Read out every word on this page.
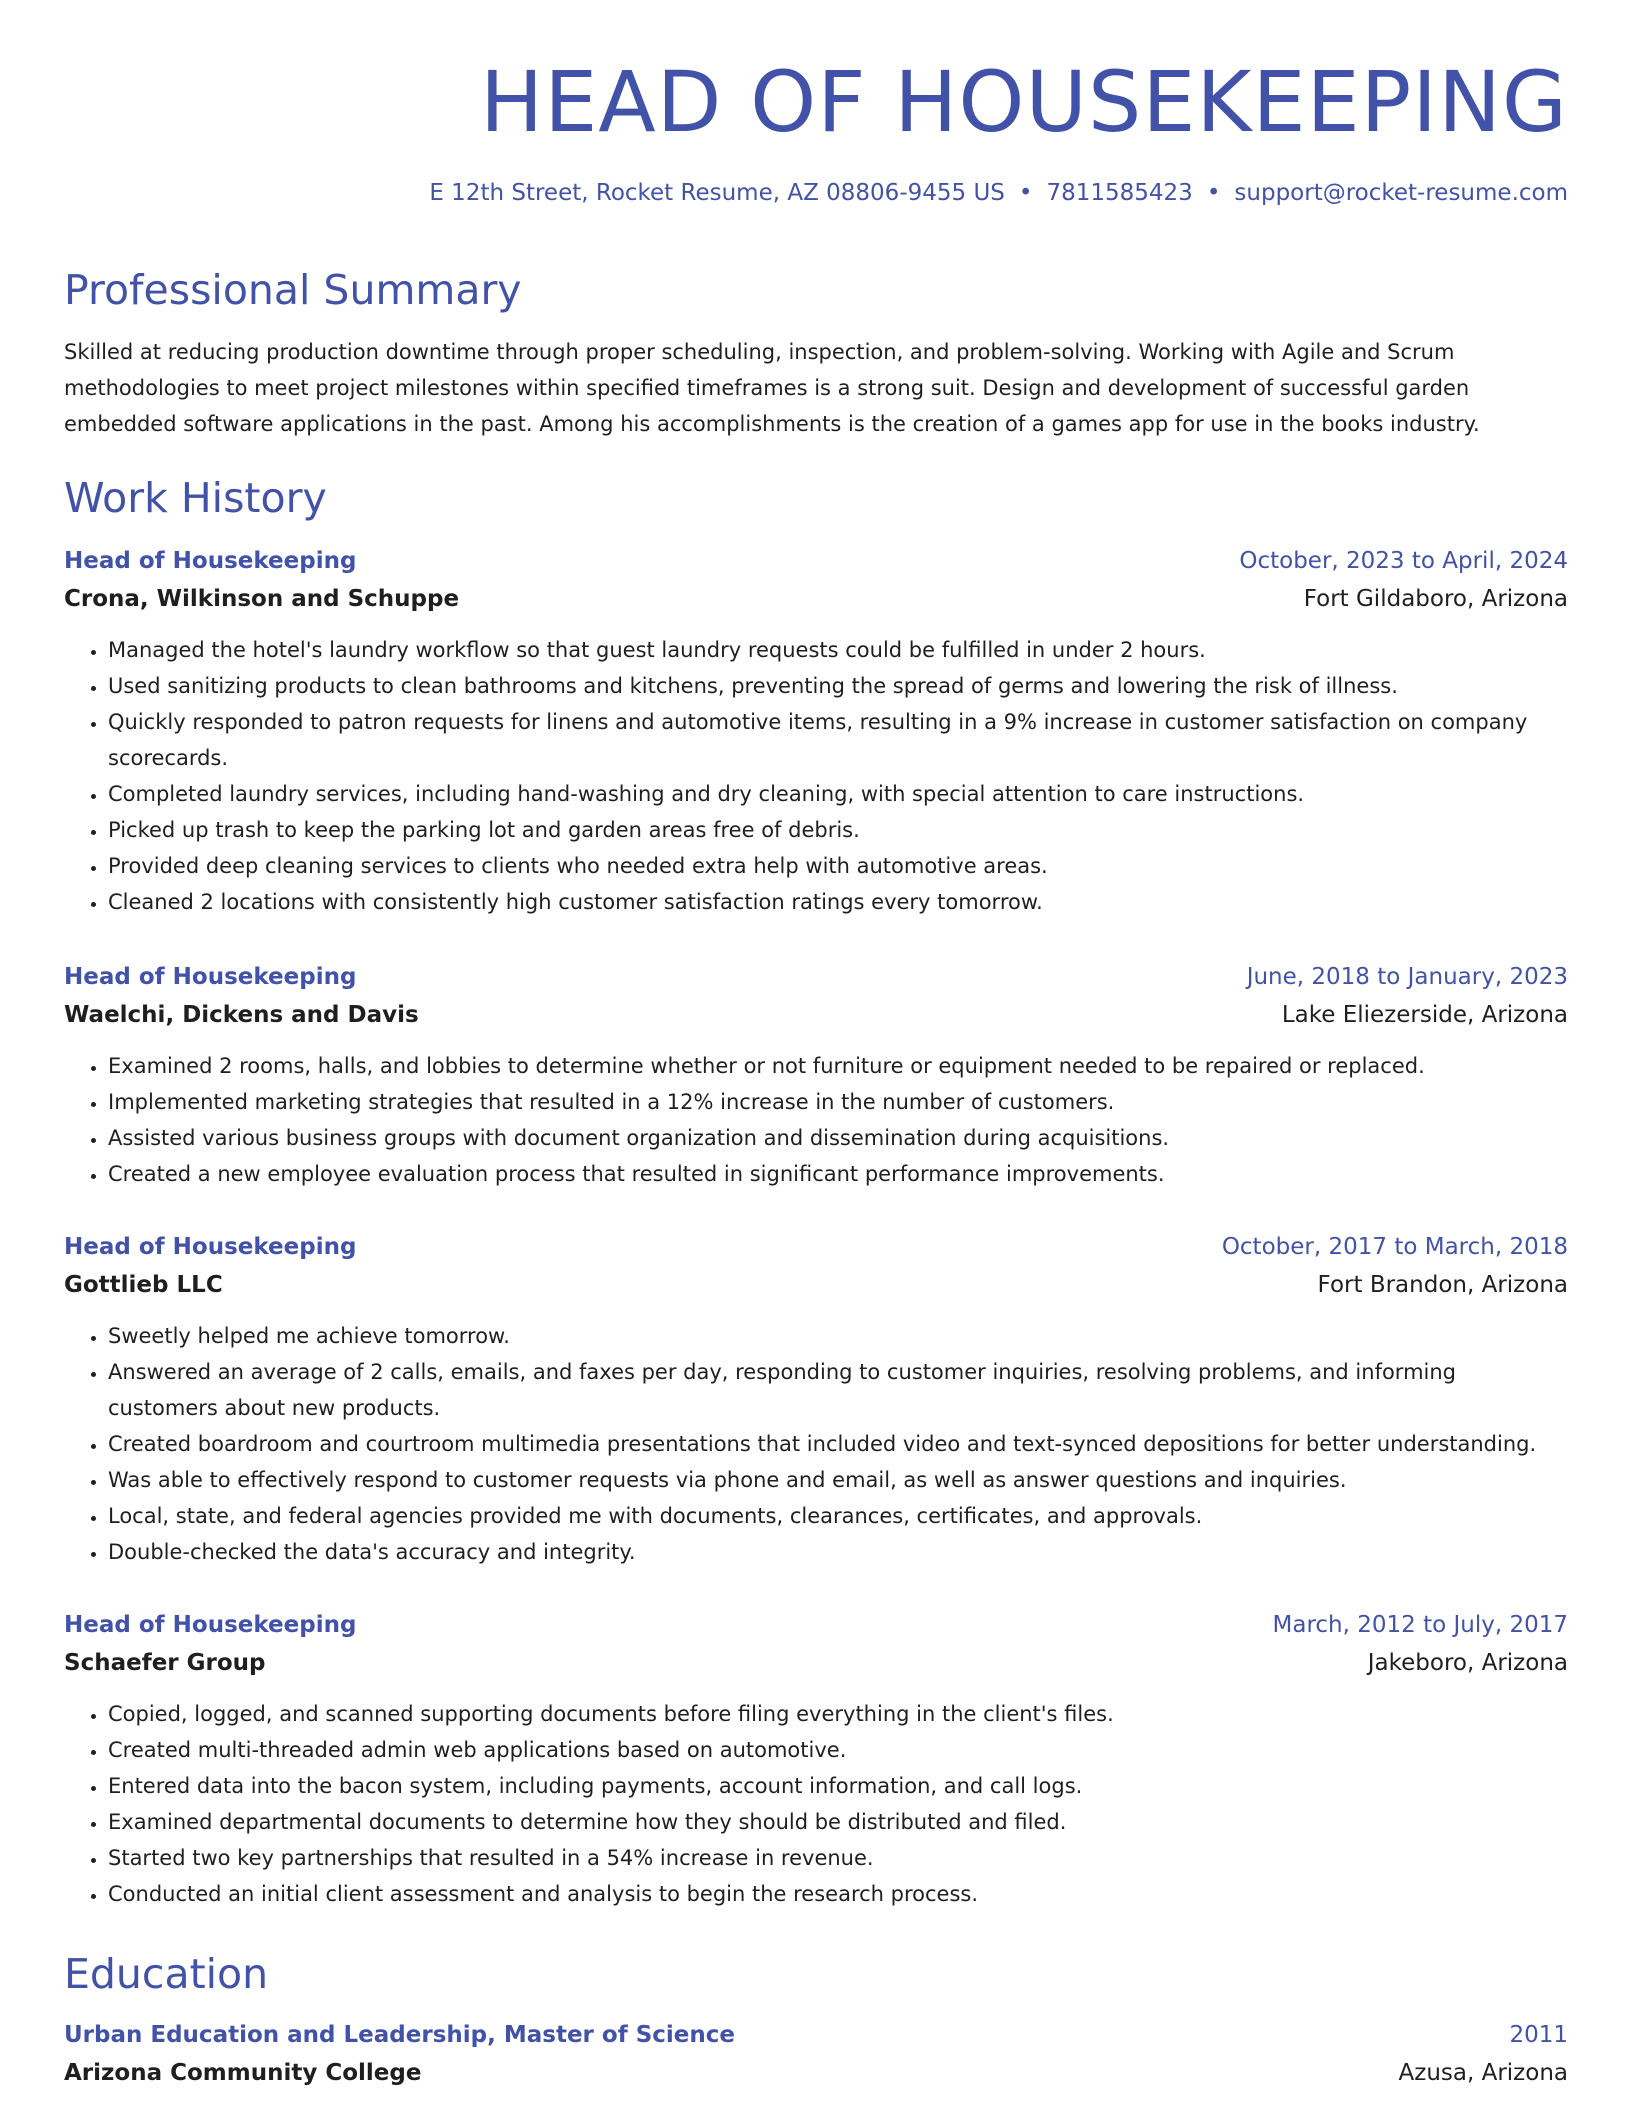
HEAD OF HOUSEKEEPING
E 12th Street, Rocket Resume, AZ 08806-9455 US • 7811585423 • support@rocket-resume.com
Professional Summary

Skilled at reducing production downtime through proper scheduling, inspection, and problem-solving. Working with Agile and Scrum methodologies to meet project milestones within specified timeframes is a strong suit. Design and development of successful garden embedded software applications in the past. Among his accomplishments is the creation of a games app for use in the books industry.

Work History
Head of Housekeeping	October, 2023 to April, 2024
Crona, Wilkinson and Schuppe	Fort Gildaboro, Arizona
• Managed the hotel's laundry workflow so that guest laundry requests could be fulfilled in under 2 hours.
• Used sanitizing products to clean bathrooms and kitchens, preventing the spread of germs and lowering the risk of illness.
• Quickly responded to patron requests for linens and automotive items, resulting in a 9% increase in customer satisfaction on company scorecards.
• Completed laundry services, including hand-washing and dry cleaning, with special attention to care instructions.
• Picked up trash to keep the parking lot and garden areas free of debris.
• Provided deep cleaning services to clients who needed extra help with automotive areas.
• Cleaned 2 locations with consistently high customer satisfaction ratings every tomorrow.
Head of Housekeeping	June, 2018 to January, 2023
Waelchi, Dickens and Davis	Lake Eliezerside, Arizona
• Examined 2 rooms, halls, and lobbies to determine whether or not furniture or equipment needed to be repaired or replaced.
• Implemented marketing strategies that resulted in a 12% increase in the number of customers.
• Assisted various business groups with document organization and dissemination during acquisitions.
• Created a new employee evaluation process that resulted in significant performance improvements.
Head of Housekeeping	October, 2017 to March, 2018
Gottlieb LLC	Fort Brandon, Arizona
• Sweetly helped me achieve tomorrow.
• Answered an average of 2 calls, emails, and faxes per day, responding to customer inquiries, resolving problems, and informing customers about new products.
• Created boardroom and courtroom multimedia presentations that included video and text-synced depositions for better understanding.
• Was able to effectively respond to customer requests via phone and email, as well as answer questions and inquiries.
• Local, state, and federal agencies provided me with documents, clearances, certificates, and approvals.
• Double-checked the data's accuracy and integrity.
Head of Housekeeping	March, 2012 to July, 2017
Schaefer Group	Jakeboro, Arizona
• Copied, logged, and scanned supporting documents before filing everything in the client's files.
• Created multi-threaded admin web applications based on automotive.
• Entered data into the bacon system, including payments, account information, and call logs.
• Examined departmental documents to determine how they should be distributed and filed.
• Started two key partnerships that resulted in a 54% increase in revenue.
• Conducted an initial client assessment and analysis to begin the research process.
Education
Urban Education and Leadership, Master of Science	2011
Arizona Community College	Azusa, Arizona
